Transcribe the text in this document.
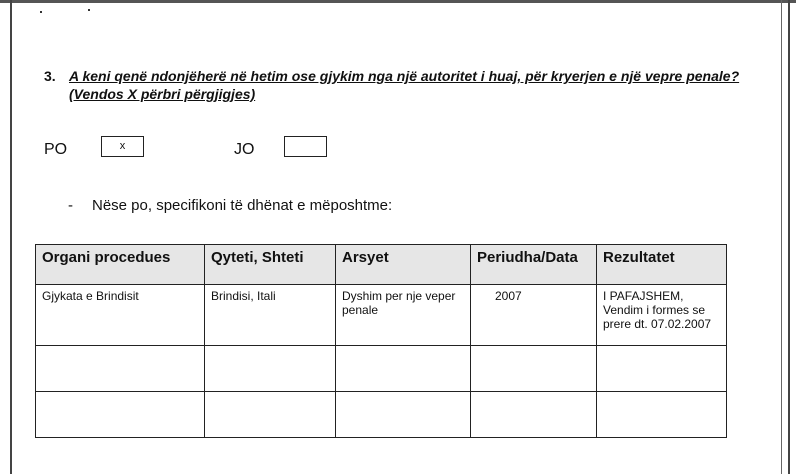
3. A keni qenë ndonjëherë në hetim ose gjykim nga një autoritet i huaj, për kryerjen e një vepre penale? (Vendos X përbri përgjigjes)
PO	x	JO
- Nëse po, specifikoni të dhënat e mëposhtme:
Organi procedues	Qyteti, Shteti	Arsyet	Periudha/Data	Rezultatet
Gjykata e Brindisit	Brindisi, Itali	Dyshim per nje veper penale	2007	I PAFAJSHEM, Vendim i formes se prere dt. 07.02.2007
